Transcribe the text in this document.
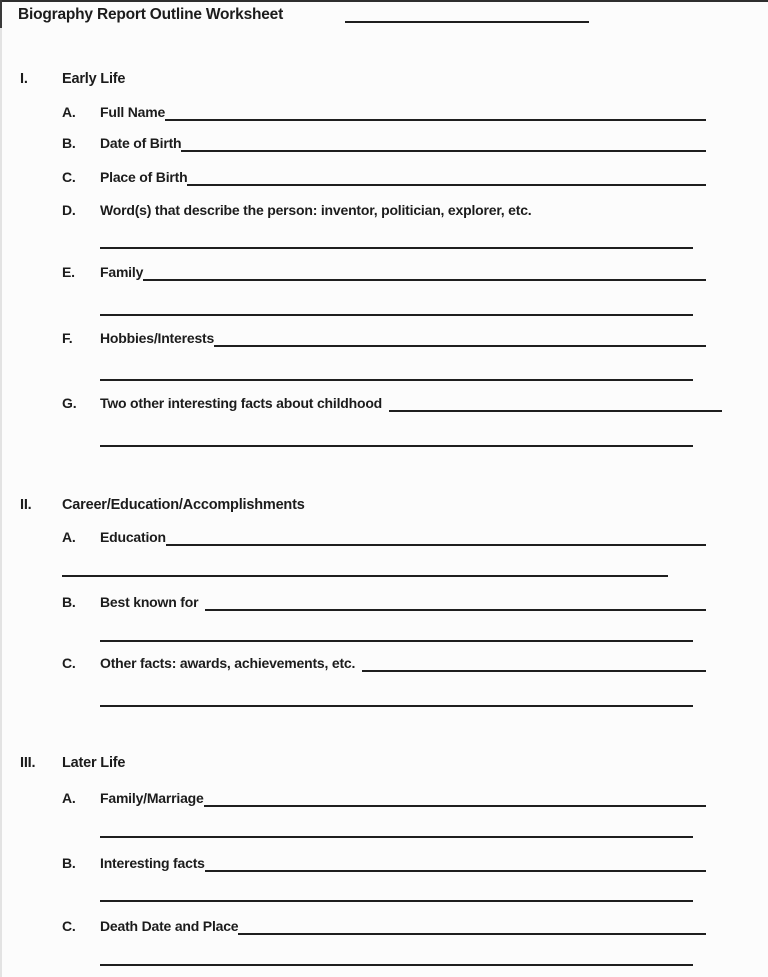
Biography Report Outline Worksheet
I.	Early Life
A.	Full Name
B.	Date of Birth
C.	Place of Birth
D.	Word(s) that describe the person: inventor, politician, explorer, etc.
E.	Family
F.	Hobbies/Interests
G.	Two other interesting facts about childhood
II.	Career/Education/Accomplishments
A.	Education
B.	Best known for
C.	Other facts: awards, achievements, etc.
III.	Later Life
A.	Family/Marriage
B.	Interesting facts
C.	Death Date and Place
